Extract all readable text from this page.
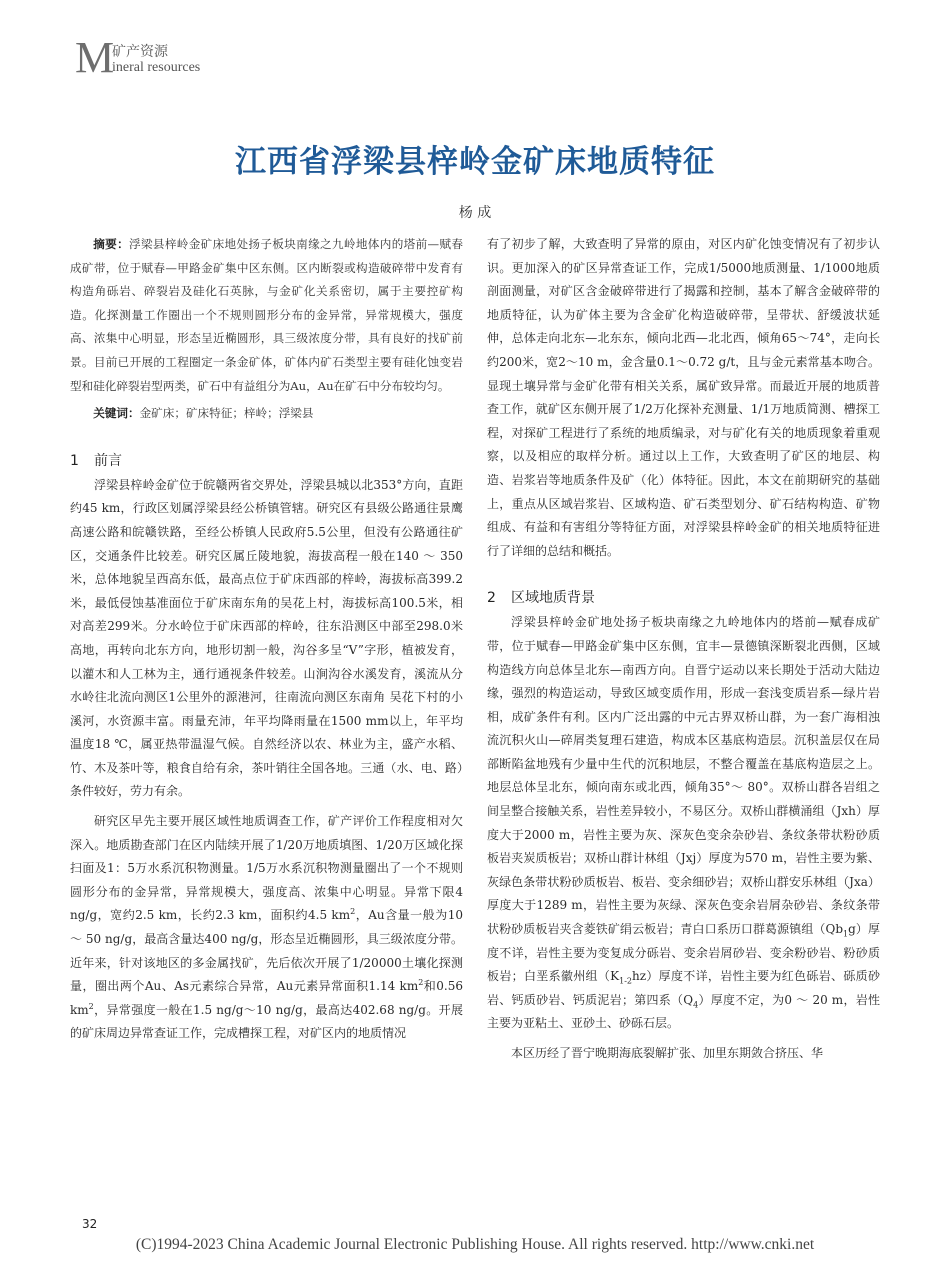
M
矿产资源
ineral resources
江西省浮梁县梓岭金矿床地质特征
杨 成

摘要：浮梁县梓岭金矿床地处扬子板块南缘之九岭地体内的塔前—赋春成矿带，位于赋春—甲路金矿集中区东侧。区内断裂或构造破碎带中发育有构造角砾岩、碎裂岩及硅化石英脉，与金矿化关系密切，属于主要控矿构造。化探测量工作圈出一个不规则圆形分布的金异常，异常规模大，强度高、浓集中心明显，形态呈近椭圆形，具三级浓度分带，具有良好的找矿前景。目前已开展的工程圈定一条金矿体，矿体内矿石类型主要有硅化蚀变岩型和硅化碎裂岩型两类，矿石中有益组分为Au，Au在矿石中分布较均匀。

关键词：金矿床；矿床特征；梓岭；浮梁县

1 前言

浮梁县梓岭金矿位于皖赣两省交界处，浮梁县城以北353°方向，直距约45 km，行政区划属浮梁县经公桥镇管辖。研究区有县级公路通往景鹰高速公路和皖赣铁路，至经公桥镇人民政府5.5公里，但没有公路通往矿区，交通条件比较差。研究区属丘陵地貌，海拔高程一般在140 ～ 350米，总体地貌呈西高东低，最高点位于矿床西部的梓岭，海拔标高399.2米，最低侵蚀基准面位于矿床南东角的吴花上村，海拔标高100.5米，相对高差299米。分水岭位于矿床西部的梓岭，往东沿测区中部至298.0米高地，再转向北东方向，地形切割一般，沟谷多呈“V”字形，植被发育，以灌木和人工林为主，通行通视条件较差。山涧沟谷水溪发育，溪流从分水岭往北流向测区1公里外的源港河，往南流向测区东南角 吴花下村的小溪河，水资源丰富。雨量充沛，年平均降雨量在1500 mm以上，年平均温度18 ℃，属亚热带温湿气候。自然经济以农、林业为主，盛产水稻、竹、木及茶叶等，粮食自给有余，茶叶销往全国各地。三通（水、电、路）条件较好，劳力有余。

研究区早先主要开展区域性地质调查工作，矿产评价工作程度相对欠深入。地质勘查部门在区内陆续开展了1/20万地质填图、1/20万区域化探扫面及1：5万水系沉积物测量。1/5万水系沉积物测量圈出了一个不规则圆形分布的金异常，异常规模大，强度高、浓集中心明显。异常下限4 ng/g，宽约2.5 km，长约2.3 km，面积约4.5 $km^2$，Au含量一般为10 ～ 50 ng/g，最高含量达400 ng/g，形态呈近椭圆形，具三级浓度分带。近年来，针对该地区的多金属找矿，先后依次开展了1/20000土壤化探测量，圈出两个Au、As元素综合异常，Au元素异常面积1.14 $km^2$和0.56 $km^2$，异常强度一般在1.5 ng/g～10 ng/g，最高达402.68 ng/g。开展的矿床周边异常查证工作，完成槽探工程，对矿区内的地质情况

有了初步了解，大致查明了异常的原由，对区内矿化蚀变情况有了初步认识。更加深入的矿区异常查证工作，完成1/5000地质测量、1/1000地质剖面测量，对矿区含金破碎带进行了揭露和控制，基本了解含金破碎带的地质特征，认为矿体主要为含金矿化构造破碎带，呈带状、舒缓波状延伸，总体走向北东—北东东，倾向北西—北北西，倾角65～74°，走向长约200米，宽2～10 m，金含量0.1～0.72 g/t，且与金元素常基本吻合。显现土壤异常与金矿化带有相关关系，属矿致异常。而最近开展的地质普查工作，就矿区东侧开展了1/2万化探补充测量、1/1万地质简测、槽探工程，对探矿工程进行了系统的地质编录，对与矿化有关的地质现象着重观察，以及相应的取样分析。通过以上工作，大致查明了矿区的地层、构造、岩浆岩等地质条件及矿（化）体特征。因此，本文在前期研究的基础上，重点从区域岩浆岩、区域构造、矿石类型划分、矿石结构构造、矿物组成、有益和有害组分等特征方面，对浮梁县梓岭金矿的相关地质特征进行了详细的总结和概括。

2 区域地质背景

浮梁县梓岭金矿地处扬子板块南缘之九岭地体内的塔前—赋春成矿带，位于赋春—甲路金矿集中区东侧，宜丰—景德镇深断裂北西侧，区域构造线方向总体呈北东—南西方向。自晋宁运动以来长期处于活动大陆边缘，强烈的构造运动，导致区域变质作用，形成一套浅变质岩系—绿片岩相，成矿条件有利。区内广泛出露的中元古界双桥山群，为一套广海相浊流沉积火山—碎屑类复理石建造，构成本区基底构造层。沉积盖层仅在局部断陷盆地残有少量中生代的沉积地层，不整合覆盖在基底构造层之上。地层总体呈北东，倾向南东或北西，倾角35°～ 80°。双桥山群各岩组之间呈整合接触关系，岩性差异较小，不易区分。双桥山群横涌组（Jxh）厚度大于2000 m，岩性主要为灰、深灰色变余杂砂岩、条纹条带状粉砂质板岩夹炭质板岩；双桥山群计林组（Jxj）厚度为570 m，岩性主要为紫、灰绿色条带状粉砂质板岩、板岩、变余细砂岩；双桥山群安乐林组（Jxa）厚度大于1289 m，岩性主要为灰绿、深灰色变余岩屑杂砂岩、条纹条带状粉砂质板岩夹含菱铁矿绢云板岩；青白口系历口群葛源镇组$(Qb_1g)$厚度不详，岩性主要为变复成分砾岩、变余岩屑砂岩、变余粉砂岩、粉砂质板岩；白垩系徽州组$(K_{1-2}hz)$厚度不详，岩性主要为红色砾岩、砾质砂岩、钙质砂岩、钙质泥岩；第四系$(Q_4)$厚度不定，为0 ～ 20 m，岩性主要为亚粘土、亚砂土、砂砾石层。

本区历经了晋宁晚期海底裂解扩张、加里东期敛合挤压、华

32
(C)1994-2023 China Academic Journal Electronic Publishing House. All rights reserved. http://www.cnki.net
